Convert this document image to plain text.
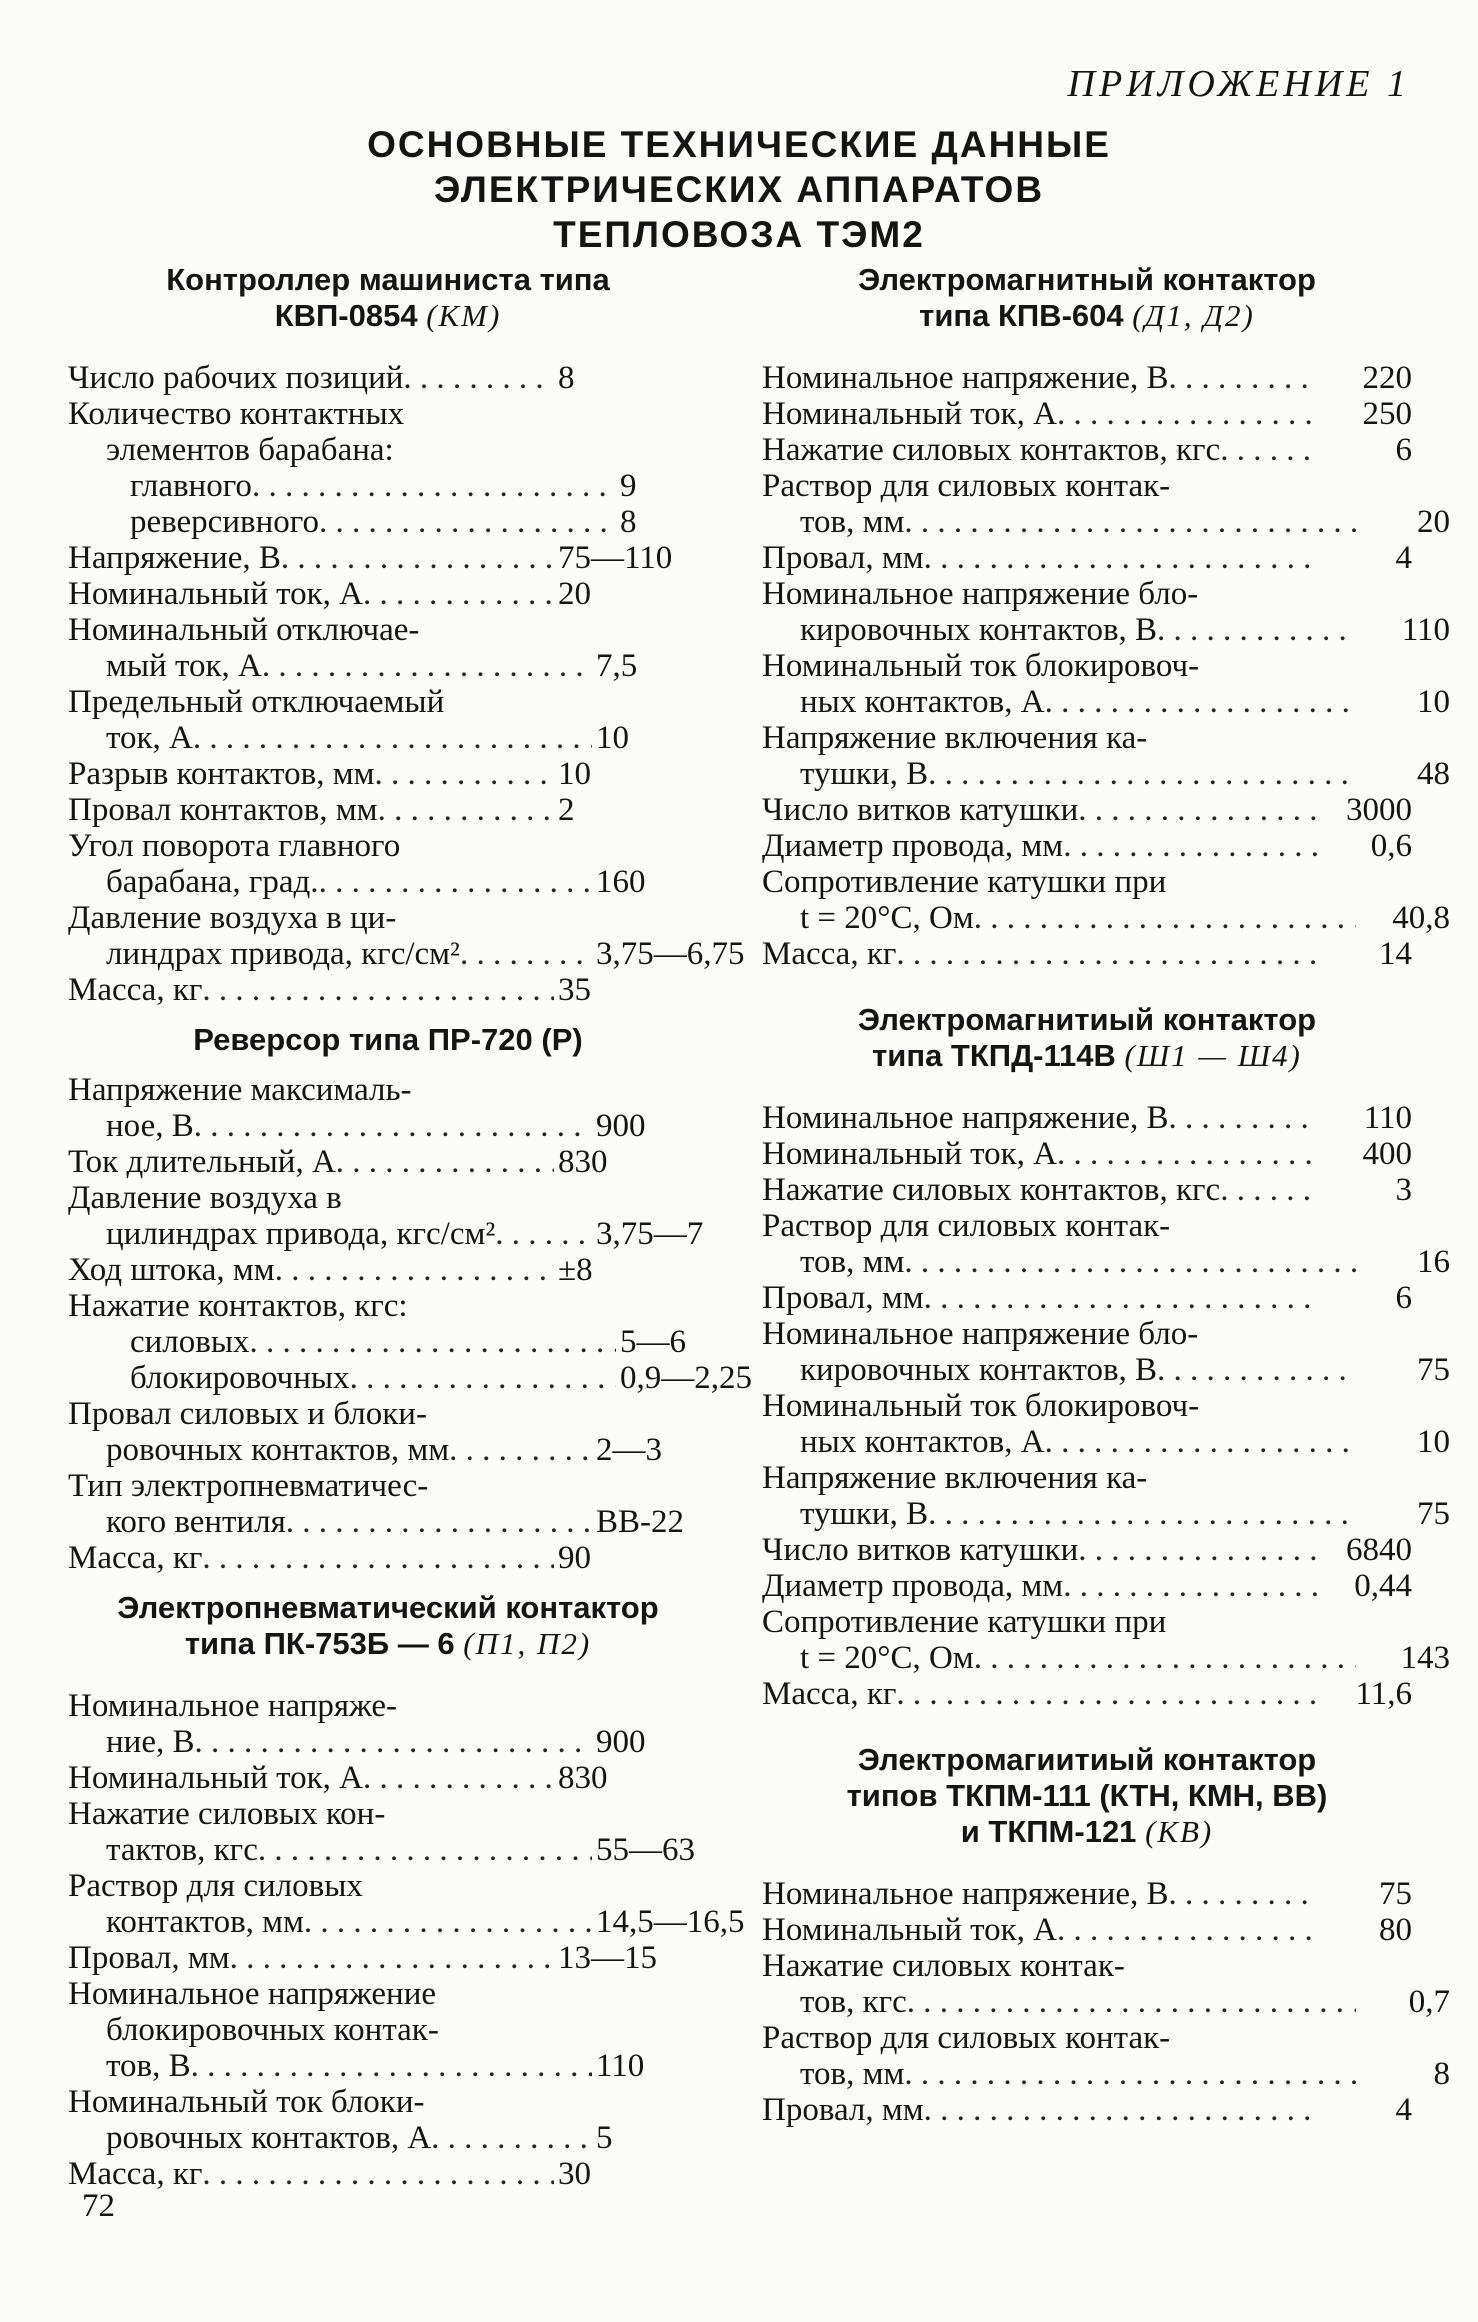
ПРИЛОЖЕНИЕ 1
ОСНОВНЫЕ ТЕХНИЧЕСКИЕ ДАННЫЕ
ЭЛЕКТРИЧЕСКИХ АППАРАТОВ
ТЕПЛОВОЗА ТЭМ2
Контроллер машиниста типа
КВП-0854 (КМ)
Число рабочих позиций . . .	8
Количество контактных
элементов барабана:
главного . . .	9
реверсивного . . .	8
Напряжение, В . . .	75—110
Номинальный ток, А . . .	20
Номинальный отключае-
мый ток, А . . .	7,5
Предельный отключаемый
ток, А . . .	10
Разрыв контактов, мм . . .	10
Провал контактов, мм . . .	2
Угол поворота главного
барабана, град. . . .	160
Давление воздуха в ци-
линдрах привода, кгс/см² . . .	3,75—6,75
Масса, кг . . .	35
Реверсор типа ПР-720 (Р)
Напряжение максималь-
ное, В . . .	900
Ток длительный, А . . .	830
Давление воздуха в
цилиндрах привода, кгс/см² . . .	3,75—7
Ход штока, мм . . .	±8
Нажатие контактов, кгс:
силовых . . .	5—6
блокировочных . . .	0,9—2,25
Провал силовых и блоки-
ровочных контактов, мм . . .	2—3
Тип электропневматичес-
кого вентиля . . .	ВВ-22
Масса, кг . . .	90
Электропневматический контактор
типа ПК-753Б — 6 (П1, П2)
Номинальное напряже-
ние, В . . .	900
Номинальный ток, А . . .	830
Нажатие силовых кон-
тактов, кгс . . .	55—63
Раствор для силовых
контактов, мм . . .	14,5—16,5
Провал, мм . . .	13—15
Номинальное напряжение
блокировочных контак-
тов, В . . .	110
Номинальный ток блоки-
ровочных контактов, А . . .	5
Масса, кг . . .	30
Электромагнитный контактор
типа КПВ-604 (Д1, Д2)
Номинальное напряжение, В . . .	220
Номинальный ток, А . . .	250
Нажатие силовых контактов, кгс . . .	6
Раствор для силовых контак-
тов, мм . . .	20
Провал, мм . . .	4
Номинальное напряжение бло-
кировочных контактов, В . . .	110
Номинальный ток блокировоч-
ных контактов, А . . .	10
Напряжение включения ка-
тушки, В . . .	48
Число витков катушки . . .	3000
Диаметр провода, мм . . .	0,6
Сопротивление катушки при
t = 20°C, Ом . . .	40,8
Масса, кг . . .	14
Электромагнитиый контактор
типа ТКПД-114В (Ш1 — Ш4)
Номинальное напряжение, В . . .	110
Номинальный ток, А . . .	400
Нажатие силовых контактов, кгс . . .	3
Раствор для силовых контак-
тов, мм . . .	16
Провал, мм . . .	6
Номинальное напряжение бло-
кировочных контактов, В . . .	75
Номинальный ток блокировоч-
ных контактов, А . . .	10
Напряжение включения ка-
тушки, В . . .	75
Число витков катушки . . .	6840
Диаметр провода, мм . . .	0,44
Сопротивление катушки при
t = 20°C, Ом . . .	143
Масса, кг . . .	11,6
Электромагиитиый контактор
типов ТКПМ-111 (КТН, КМН, ВВ)
и ТКПМ-121 (КВ)
Номинальное напряжение, В . . .	75
Номинальный ток, А . . .	80
Нажатие силовых контак-
тов, кгс . . .	0,7
Раствор для силовых контак-
тов, мм . . .	8
Провал, мм . . .	4
72
